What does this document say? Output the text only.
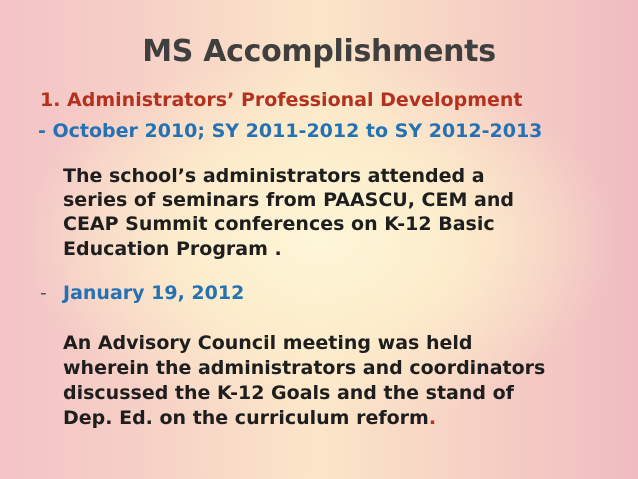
MS Accomplishments
1. Administrators’ Professional Development
- October 2010; SY 2011-2012 to SY 2012-2013
The school’s administrators attended a
series of seminars from PAASCU, CEM and
CEAP Summit conferences on K-12 Basic
Education Program .
- January 19, 2012
An Advisory Council meeting was held
wherein the administrators and coordinators
discussed the K-12 Goals and the stand of
Dep. Ed. on the curriculum reform.
